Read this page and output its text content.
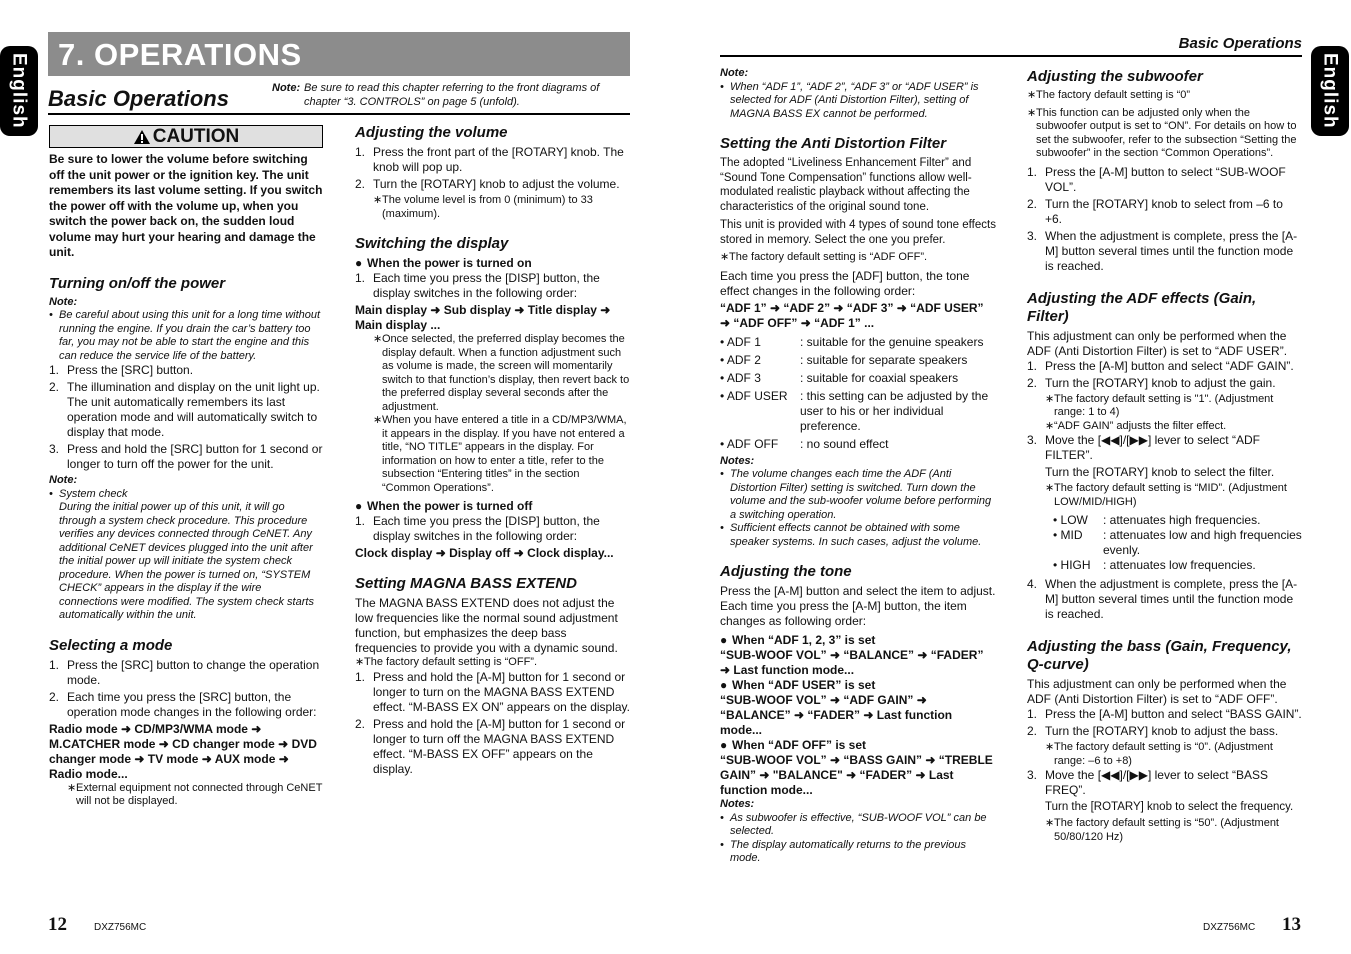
English	English
7. OPERATIONS
Basic Operations	Note: Be sure to read this chapter referring to the front diagrams of chapter “3. CONTROLS” on page 5 (unfold).
Basic Operations
CAUTION

Be sure to lower the volume before switching off the unit power or the ignition key. The unit remembers its last volume setting. If you switch the power off with the volume up, when you switch the power back on, the sudden loud volume may hurt your hearing and damage the unit.

Turning on/off the power

Note:

• Be careful about using this unit for a long time without running the engine. If you drain the car’s battery too far, you may not be able to start the engine and this can reduce the service life of the battery.
1. Press the [SRC] button.
2. The illumination and display on the unit light up. The unit automatically remembers its last operation mode and will automatically switch to display that mode.
3. Press and hold the [SRC] button for 1 second or longer to turn off the power for the unit.

Note:

• System check
During the initial power up of this unit, it will go through a system check procedure. This procedure verifies any devices connected through CeNET. Any additional CeNET devices plugged into the unit after the initial power up will initiate the system check procedure. When the power is turned on, “SYSTEM CHECK” appears in the display if the wire connections were modified. The system check starts automatically within the unit.
Selecting a mode
1. Press the [SRC] button to change the operation mode.
2. Each time you press the [SRC] button, the operation mode changes in the following order:

Radio mode ➜ CD/MP3/WMA mode ➜ M.CATCHER mode ➜ CD changer mode ➜ DVD changer mode ➜ TV mode ➜ AUX mode ➜ Radio mode...

∗ External equipment not connected through CeNET will not be displayed.
Adjusting the volume
1. Press the front part of the [ROTARY] knob. The knob will pop up.
2. Turn the [ROTARY] knob to adjust the volume.
∗ The volume level is from 0 (minimum) to 33 (maximum).
Switching the display
● When the power is turned on
1. Each time you press the [DISP] button, the display switches in the following order:

Main display ➜ Sub display ➜ Title display ➜ Main display ...

∗ Once selected, the preferred display becomes the display default. When a function adjustment such as volume is made, the screen will momentarily switch to that function’s display, then revert back to the preferred display several seconds after the adjustment.
∗ When you have entered a title in a CD/MP3/WMA, it appears in the display. If you have not entered a title, “NO TITLE” appears in the display. For information on how to enter a title, refer to the subsection “Entering titles” in the section “Common Operations”.
● When the power is turned off
1. Each time you press the [DISP] button, the display switches in the following order:

Clock display ➜ Display off ➜ Clock display...

Setting MAGNA BASS EXTEND

The MAGNA BASS EXTEND does not adjust the low frequencies like the normal sound adjustment function, but emphasizes the deep bass frequencies to provide you with a dynamic sound.

∗ The factory default setting is “OFF”.
1. Press and hold the [A-M] button for 1 second or longer to turn on the MAGNA BASS EXTEND effect. “M-BASS EX ON” appears on the display.
2. Press and hold the [A-M] button for 1 second or longer to turn off the MAGNA BASS EXTEND effect. “M-BASS EX OFF” appears on the display.

Note:

• When “ADF 1”, “ADF 2”, “ADF 3” or “ADF USER” is selected for ADF (Anti Distortion Filter), setting of MAGNA BASS EX cannot be performed.
Setting the Anti Distortion Filter

The adopted “Liveliness Enhancement Filter” and “Sound Tone Compensation” functions allow well-modulated realistic playback without affecting the characteristics of the original sound tone.

This unit is provided with 4 types of sound tone effects stored in memory. Select the one you prefer.

∗ The factory default setting is “ADF OFF”.

Each time you press the [ADF] button, the tone effect changes in the following order:

“ADF 1” ➜ “ADF 2” ➜ “ADF 3” ➜ “ADF USER” ➜ “ADF OFF” ➜ “ADF 1” ...

• ADF 1	: suitable for the genuine speakers
• ADF 2	: suitable for separate speakers
• ADF 3	: suitable for coaxial speakers
• ADF USER	: this setting can be adjusted by the user to his or her individual preference.
• ADF OFF	: no sound effect

Notes:

• The volume changes each time the ADF (Anti Distortion Filter) setting is switched. Turn down the volume and the sub-woofer volume before performing a switching operation.
• Sufficient effects cannot be obtained with some speaker systems. In such cases, adjust the volume.
Adjusting the tone

Press the [A-M] button and select the item to adjust. Each time you press the [A-M] button, the item changes as following order:

● When “ADF 1, 2, 3” is set

“SUB-WOOF VOL” ➜ “BALANCE” ➜ “FADER” ➜ Last function mode...

● When “ADF USER” is set

“SUB-WOOF VOL” ➜ “ADF GAIN” ➜ “BALANCE” ➜ “FADER” ➜ Last function mode...

● When “ADF OFF” is set

“SUB-WOOF VOL” ➜ “BASS GAIN” ➜ “TREBLE GAIN” ➜ "BALANCE" ➜ “FADER” ➜ Last function mode...

Notes:

• As subwoofer is effective, “SUB-WOOF VOL” can be selected.
• The display automatically returns to the previous mode.
Adjusting the subwoofer
∗ The factory default setting is “0”
∗ This function can be adjusted only when the subwoofer output is set to “ON”. For details on how to set the subwoofer, refer to the subsection “Setting the subwoofer” in the section “Common Operations”.
1. Press the [A-M] button to select “SUB-WOOF VOL”.
2. Turn the [ROTARY] knob to select from –6 to +6.
3. When the adjustment is complete, press the [A-M] button several times until the function mode is reached.
Adjusting the ADF effects (Gain, Filter)

This adjustment can only be performed when the ADF (Anti Distortion Filter) is set to “ADF USER”.

1. Press the [A-M] button and select “ADF GAIN”.
2. Turn the [ROTARY] knob to adjust the gain.
∗ The factory default setting is "1". (Adjustment range: 1 to 4)
∗ “ADF GAIN” adjusts the filter effect.
3. Move the [◀◀]/[▶▶] lever to select “ADF FILTER”.

Turn the [ROTARY] knob to select the filter.

∗ The factory default setting is “MID”. (Adjustment LOW/MID/HIGH)
• LOW	: attenuates high frequencies.
• MID	: attenuates low and high frequencies evenly.
• HIGH	: attenuates low frequencies.
4. When the adjustment is complete, press the [A-M] button several times until the function mode is reached.
Adjusting the bass (Gain, Frequency, Q-curve)

This adjustment can only be performed when the ADF (Anti Distortion Filter) is set to “ADF OFF”.

1. Press the [A-M] button and select “BASS GAIN”.
2. Turn the [ROTARY] knob to adjust the bass.
∗ The factory default setting is “0”. (Adjustment range: –6 to +8)
3. Move the [◀◀]/[▶▶] lever to select “BASS FREQ”.

Turn the [ROTARY] knob to select the frequency.

∗ The factory default setting is “50”. (Adjustment 50/80/120 Hz)
12	DXZ756MC	DXZ756MC 13
